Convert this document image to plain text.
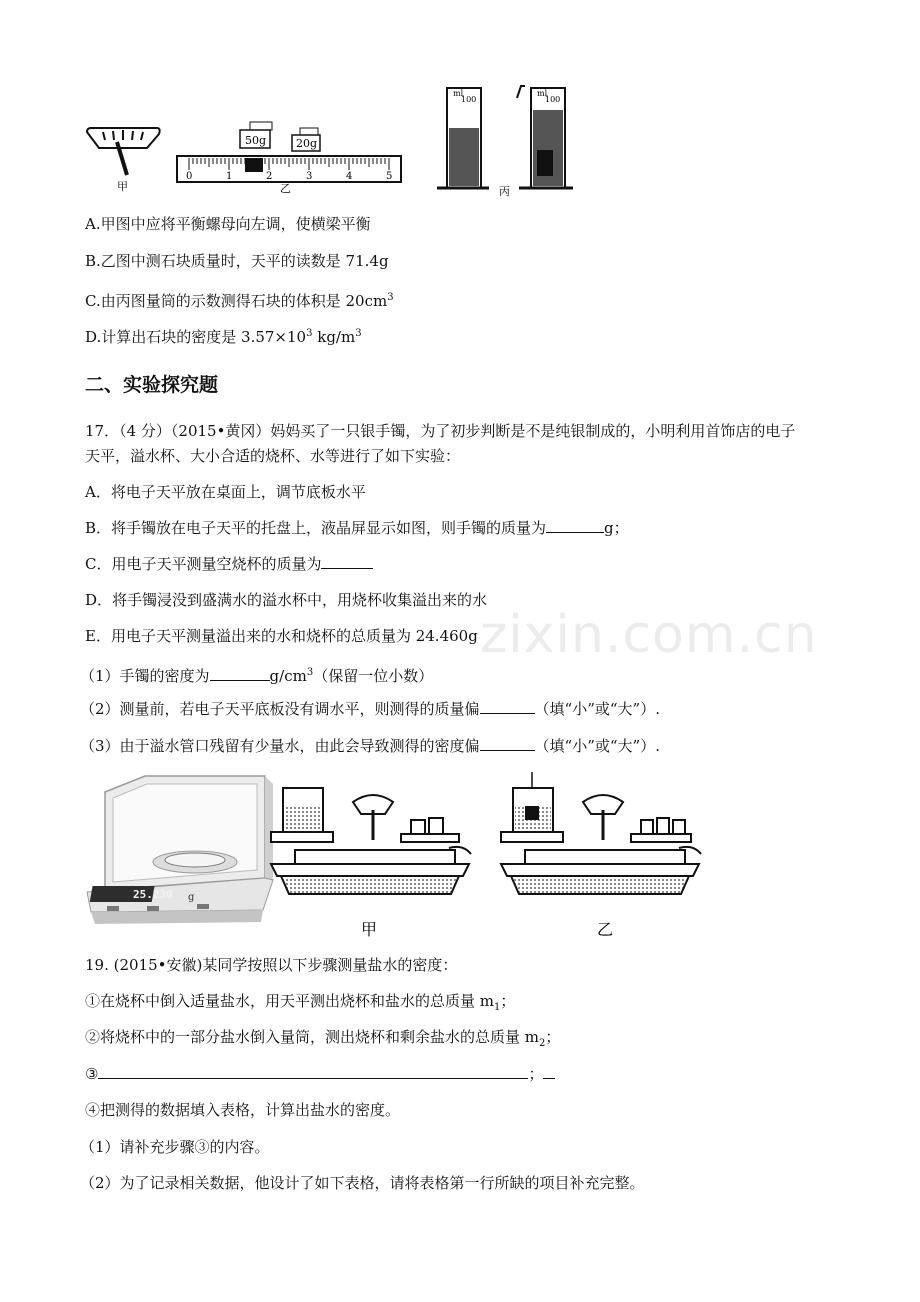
zixin.com.cn
甲
50g	20g
0	1	2	3	4	5
乙
ml
100
ml
100
丙
A.甲图中应将平衡螺母向左调，使横梁平衡
B.乙图中测石块质量时，天平的读数是 71.4g
C.由丙图量筒的示数测得石块的体积是 $20cm^3$
D.计算出石块的密度是 $3.57\times 10^3$ $kg/m^3$
二、实验探究题
17．（4 分）（2015•黄冈）妈妈买了一只银手镯，为了初步判断是不是纯银制成的，小明利用首饰店的电子
天平，溢水杯、大小合适的烧杯、水等进行了如下实验：
A．将电子天平放在桌面上，调节底板水平
B．将手镯放在电子天平的托盘上，液晶屏显示如图，则手镯的质量为	g；
C．用电子天平测量空烧杯的质量为
D．将手镯浸没到盛满水的溢水杯中，用烧杯收集溢出来的水
E．用电子天平测量溢出来的水和烧杯的总质量为 24.460g
（1）手镯的密度为	$g/cm^3$（保留一位小数）
（2）测量前，若电子天平底板没有调水平，则测得的质量偏	（填“小”或“大”）.
（3）由于溢水管口残留有少量水，由此会导致测得的密度偏	（填“小”或“大”）.
25.230 g
甲	乙
19. (2015•安徽)某同学按照以下步骤测量盐水的密度：
①在烧杯中倒入适量盐水，用天平测出烧杯和盐水的总质量 $m_1$；
②将烧杯中的一部分盐水倒入量筒，测出烧杯和剩余盐水的总质量 $m_2$；
③	；
④把测得的数据填入表格，计算出盐水的密度。
（1）请补充步骤③的内容。
（2）为了记录相关数据，他设计了如下表格，请将表格第一行所缺的项目补充完整。
